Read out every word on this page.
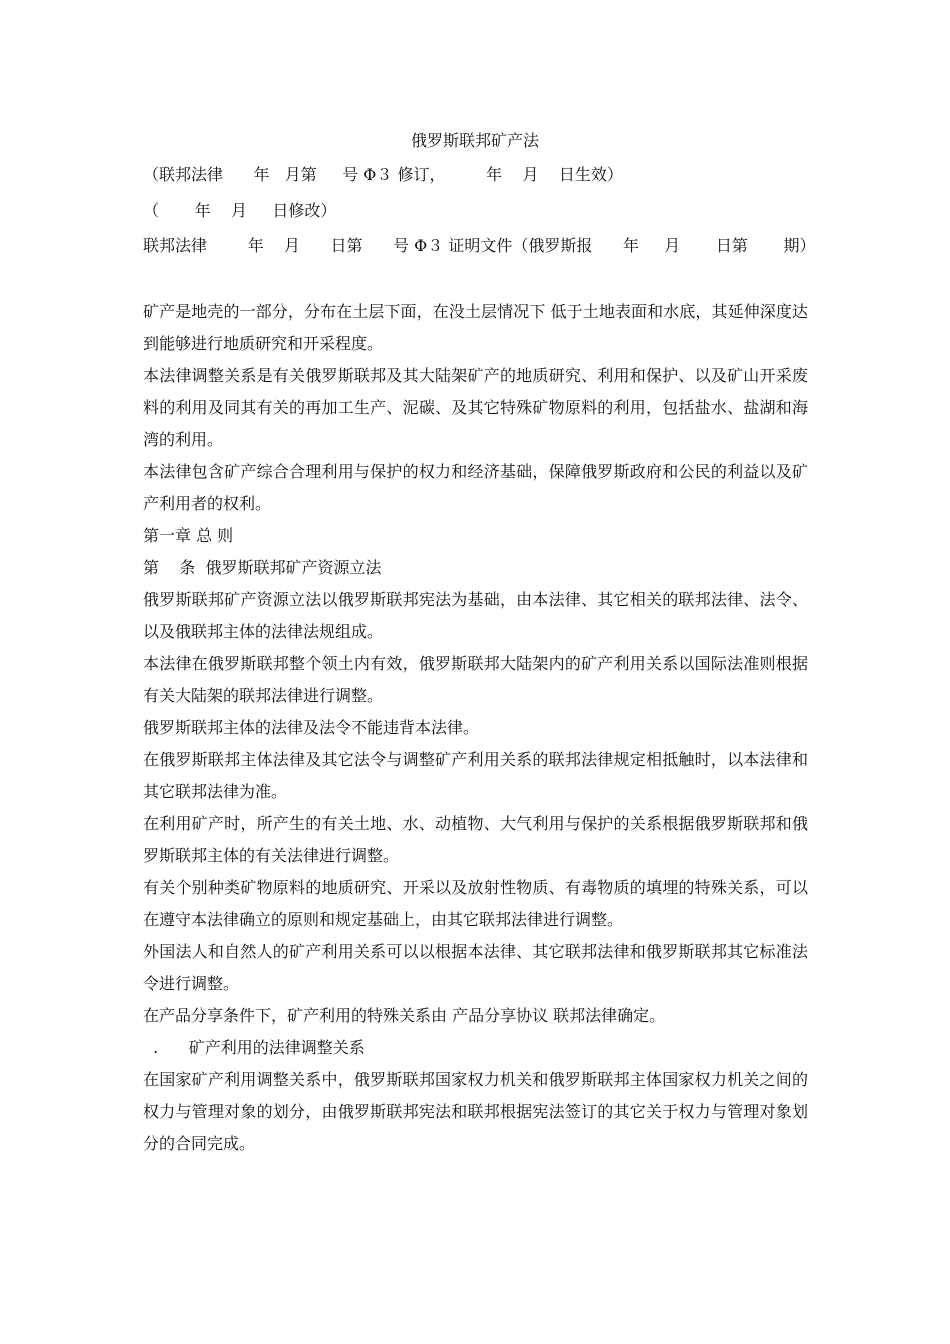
俄罗斯联邦矿产法
（联邦法律      年   月第     号 Φ３ 修订，        年    月    日生效）
（       年    月     日修改）
联邦法律        年    月      日第      号 Φ３ 证明文件（俄罗斯报      年     月       日第       期）

矿产是地壳的一部分，分布在土层下面，在没土层情况下 低于土地表面和水底，其延伸深度达到能够进行地质研究和开采程度。

本法律调整关系是有关俄罗斯联邦及其大陆架矿产的地质研究、利用和保护、以及矿山开采废料的利用及同其有关的再加工生产、泥碳、及其它特殊矿物原料的利用，包括盐水、盐湖和海湾的利用。

本法律包含矿产综合合理利用与保护的权力和经济基础，保障俄罗斯政府和公民的利益以及矿产利用者的权利。

第一章 总 则

第    条  俄罗斯联邦矿产资源立法

俄罗斯联邦矿产资源立法以俄罗斯联邦宪法为基础，由本法律、其它相关的联邦法律、法令、以及俄联邦主体的法律法规组成。

本法律在俄罗斯联邦整个领土内有效，俄罗斯联邦大陆架内的矿产利用关系以国际法准则根据有关大陆架的联邦法律进行调整。

俄罗斯联邦主体的法律及法令不能违背本法律。

在俄罗斯联邦主体法律及其它法令与调整矿产利用关系的联邦法律规定相抵触时，以本法律和其它联邦法律为准。

在利用矿产时，所产生的有关土地、水、动植物、大气利用与保护的关系根据俄罗斯联邦和俄罗斯联邦主体的有关法律进行调整。

有关个别种类矿物原料的地质研究、开采以及放射性物质、有毒物质的填埋的特殊关系，可以在遵守本法律确立的原则和规定基础上，由其它联邦法律进行调整。

外国法人和自然人的矿产利用关系可以以根据本法律、其它联邦法律和俄罗斯联邦其它标准法令进行调整。

在产品分享条件下，矿产利用的特殊关系由 产品分享协议 联邦法律确定。

.      矿产利用的法律调整关系

在国家矿产利用调整关系中，俄罗斯联邦国家权力机关和俄罗斯联邦主体国家权力机关之间的权力与管理对象的划分，由俄罗斯联邦宪法和联邦根据宪法签订的其它关于权力与管理对象划分的合同完成。
